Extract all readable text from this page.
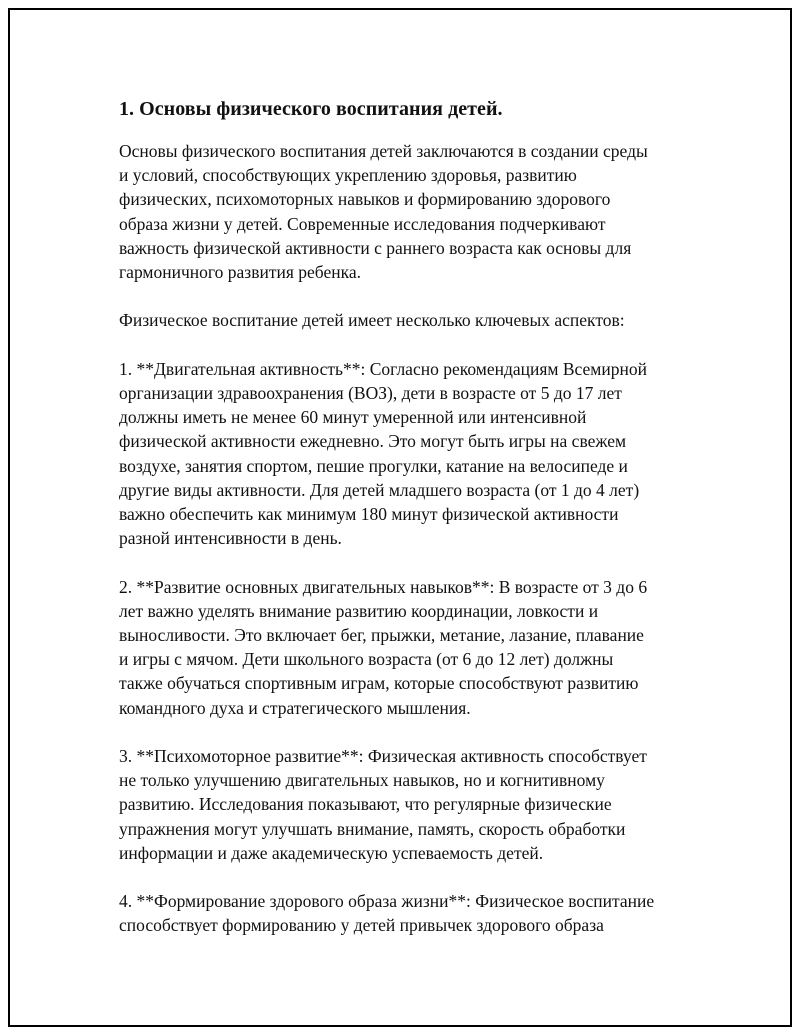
1. Основы физического воспитания детей.

Основы физического воспитания детей заключаются в создании среды
и условий, способствующих укреплению здоровья, развитию
физических, психомоторных навыков и формированию здорового
образа жизни у детей. Современные исследования подчеркивают
важность физической активности с раннего возраста как основы для
гармоничного развития ребенка.

Физическое воспитание детей имеет несколько ключевых аспектов:

1. **Двигательная активность**: Согласно рекомендациям Всемирной
организации здравоохранения (ВОЗ), дети в возрасте от 5 до 17 лет
должны иметь не менее 60 минут умеренной или интенсивной
физической активности ежедневно. Это могут быть игры на свежем
воздухе, занятия спортом, пешие прогулки, катание на велосипеде и
другие виды активности. Для детей младшего возраста (от 1 до 4 лет)
важно обеспечить как минимум 180 минут физической активности
разной интенсивности в день.

2. **Развитие основных двигательных навыков**: В возрасте от 3 до 6
лет важно уделять внимание развитию координации, ловкости и
выносливости. Это включает бег, прыжки, метание, лазание, плавание
и игры с мячом. Дети школьного возраста (от 6 до 12 лет) должны
также обучаться спортивным играм, которые способствуют развитию
командного духа и стратегического мышления.

3. **Психомоторное развитие**: Физическая активность способствует
не только улучшению двигательных навыков, но и когнитивному
развитию. Исследования показывают, что регулярные физические
упражнения могут улучшать внимание, память, скорость обработки
информации и даже академическую успеваемость детей.

4. **Формирование здорового образа жизни**: Физическое воспитание
способствует формированию у детей привычек здорового образа
